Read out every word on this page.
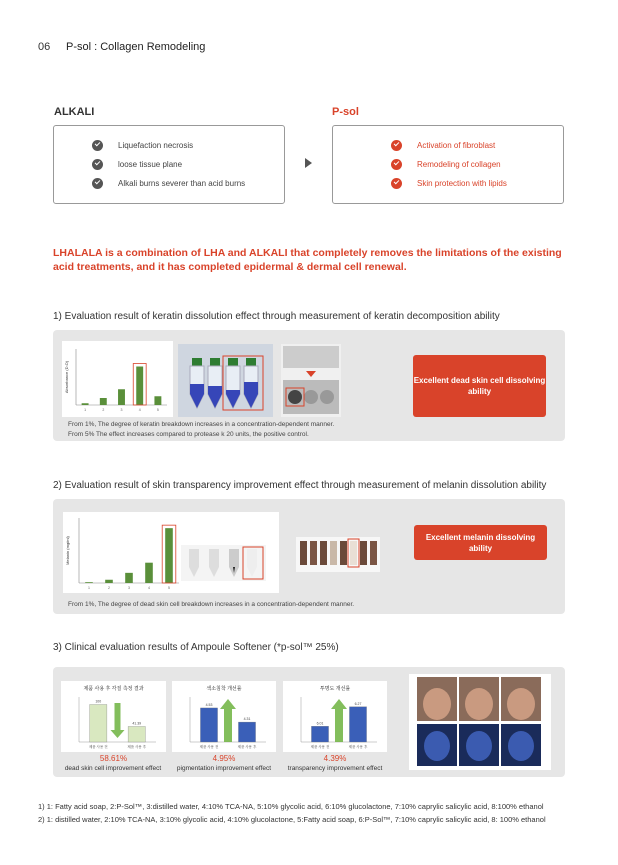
06 P-sol : Collagen Remodeling
ALKALI	P-sol
Liquefaction necrosis
loose tissue plane
Alkali burns severer than acid burns
Activation of fibroblast
Remodeling of collagen
Skin protection with lipids
LHALALA is a combination of LHA and ALKALI that completely removes the limitations of the existing acid treatments, and it has completed epidermal & dermal cell renewal.
1) Evaluation result of keratin dissolution effect through measurement of keratin decomposition ability
Absorbance (D.O)
1	2	3	4	5
Excellent dead skin cell dissolving ability
From 1%, The degree of keratin breakdown increases in a concentration-dependent manner.
From 5% The effect increases compared to protease k 20 units, the positive control.
2) Evaluation result of skin transparency improvement effect through measurement of melanin dissolution ability
Melanin (mg/ml)
1	2	3	4	5
Excellent melanin dissolving ability
From 1%, The degree of dead skin cell breakdown increases in a concentration-dependent manner.
3) Clinical evaluation results of Ampoule Softener (*p-sol™ 25%)
제품 사용 후 각질 측정 결과
제품 사용 전
100
제품 사용 후
41.39
색소침착 개선률
제품 사용 전
4.53
제품 사용 후
4.31
투명도 개선률
제품 사용 전
6.01
제품 사용 후
6.27
58.61%	4.95%	4.39%
dead skin cell improvement effect	pigmentation improvement effect	transparency improvement effect
1) 1: Fatty acid soap, 2:P-Sol™, 3:distilled water, 4:10% TCA-NA, 5:10% glycolic acid, 6:10% glucolactone, 7:10% caprylic salicylic acid, 8:100% ethanol
2) 1: distilled water, 2:10% TCA-NA, 3:10% glycolic acid, 4:10% glucolactone, 5:Fatty acid soap, 6:P-Sol™, 7:10% caprylic salicylic acid, 8: 100% ethanol
